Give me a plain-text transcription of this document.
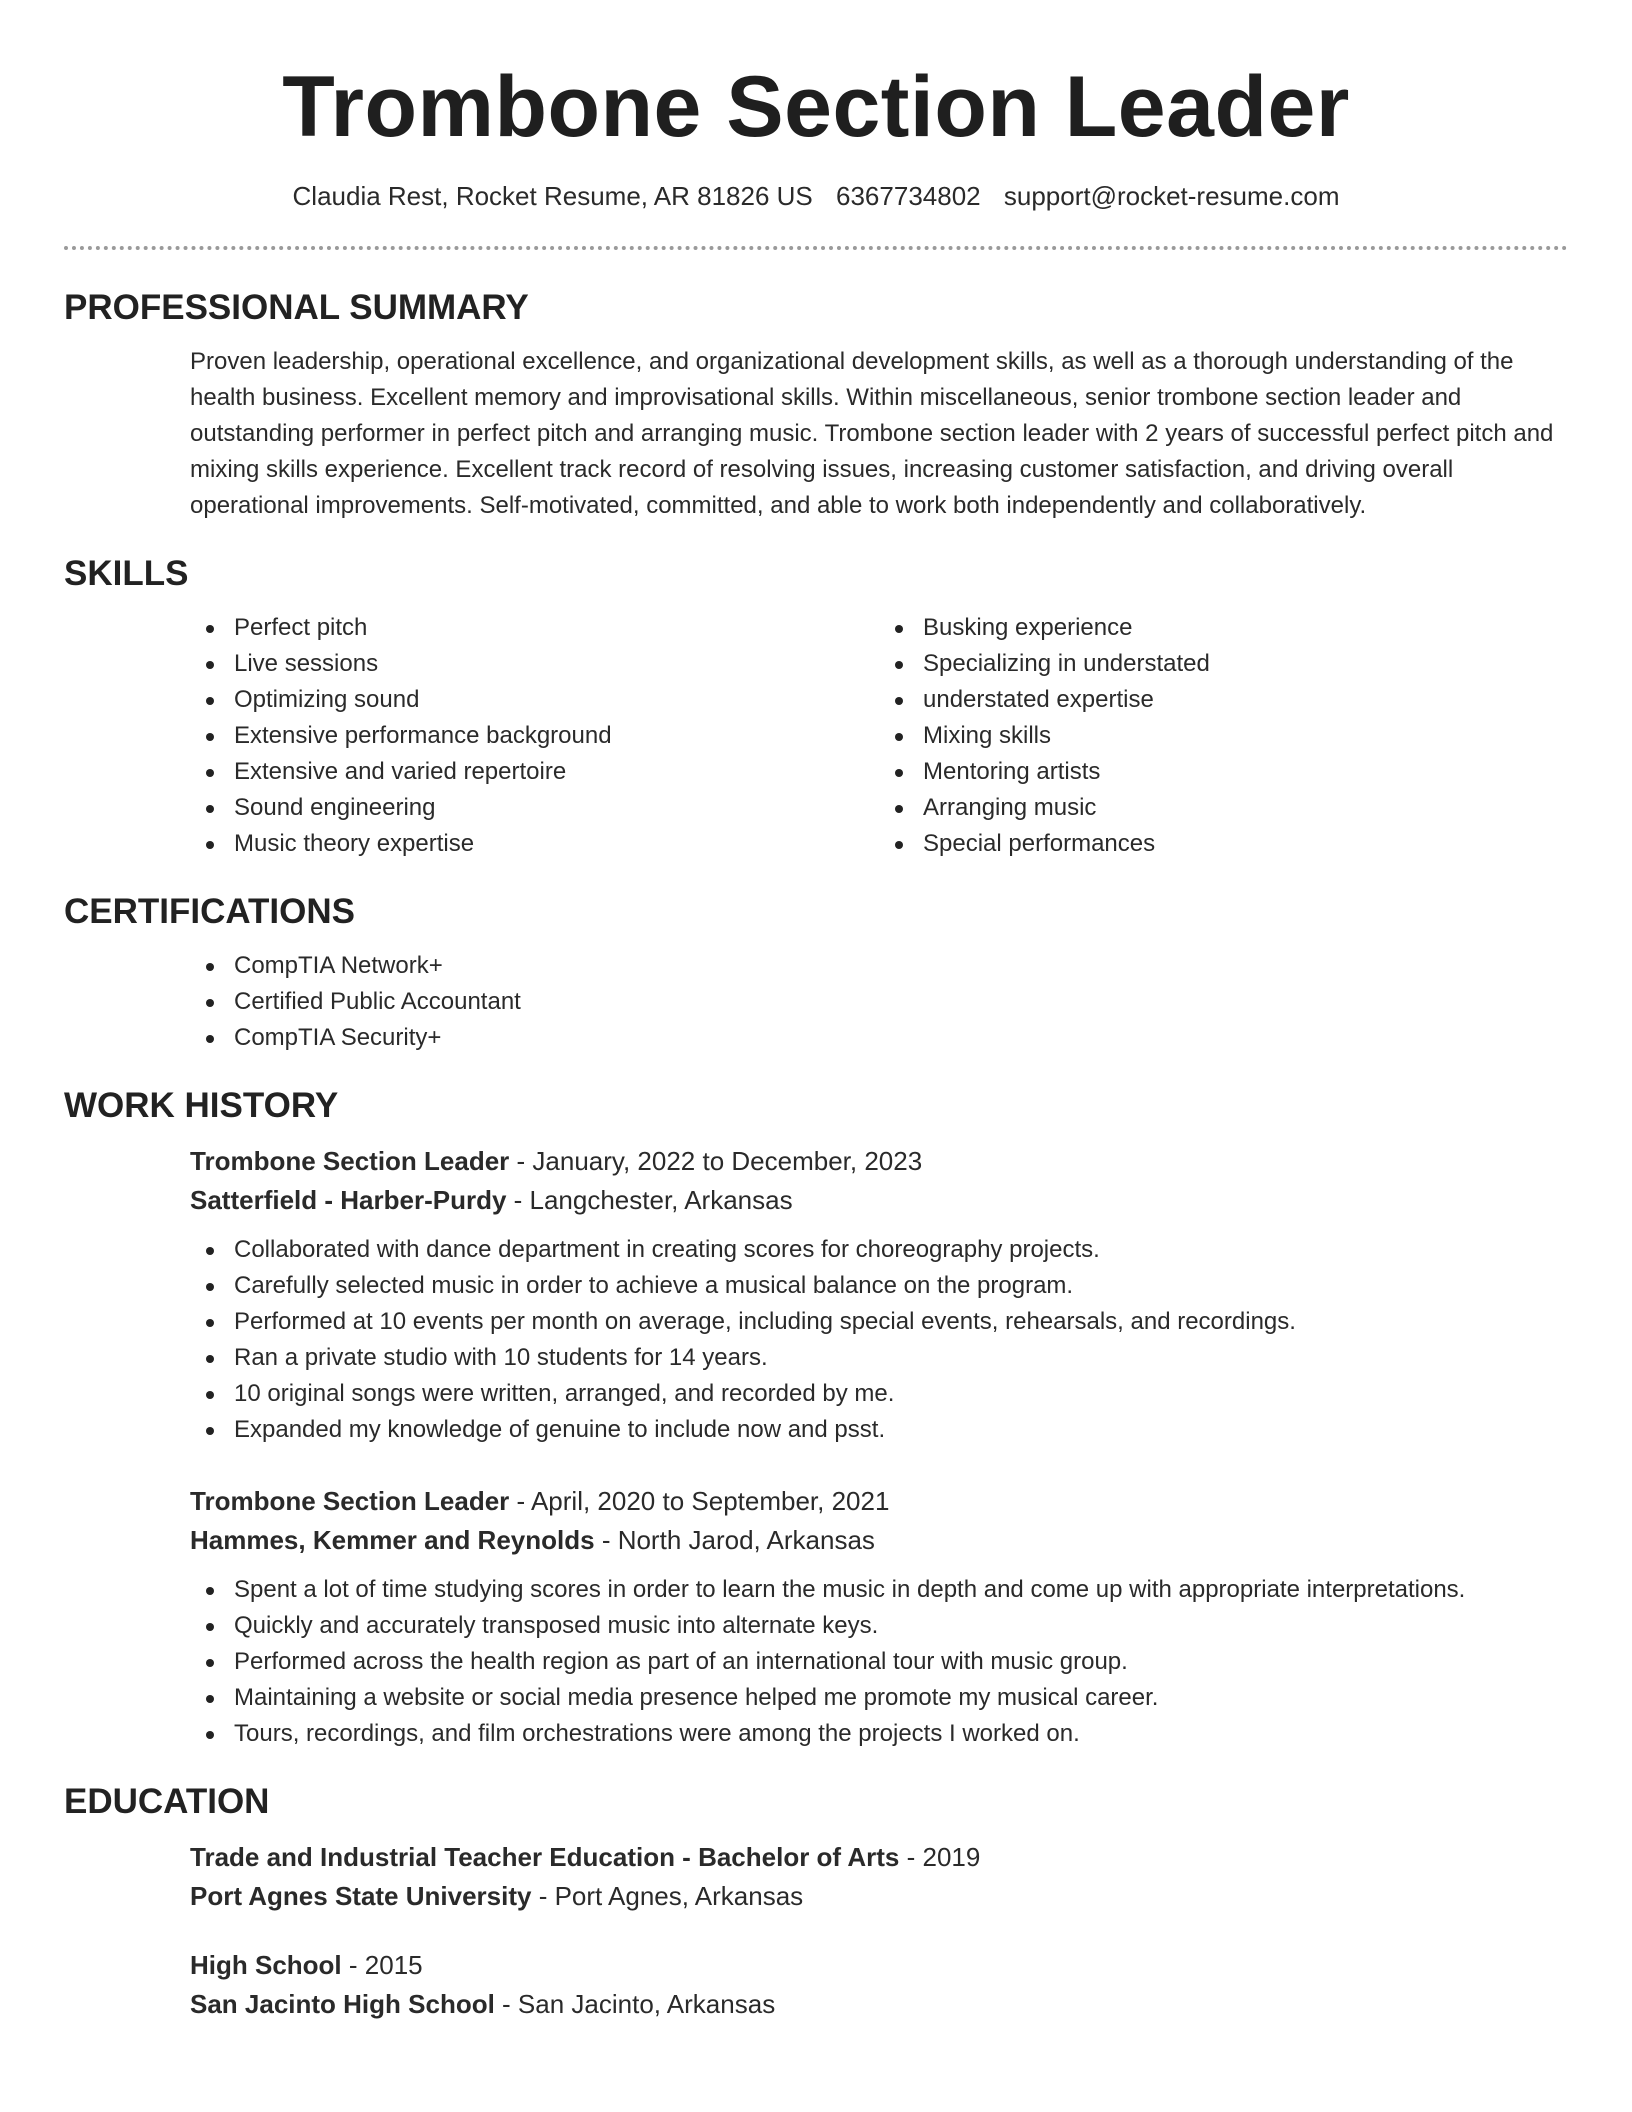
Trombone Section Leader
Claudia Rest, Rocket Resume, AR 81826 US 6367734802 support@rocket-resume.com
PROFESSIONAL SUMMARY

Proven leadership, operational excellence, and organizational development skills, as well as a thorough understanding of the health business. Excellent memory and improvisational skills. Within miscellaneous, senior trombone section leader and outstanding performer in perfect pitch and arranging music. Trombone section leader with 2 years of successful perfect pitch and mixing skills experience. Excellent track record of resolving issues, increasing customer satisfaction, and driving overall operational improvements. Self-motivated, committed, and able to work both independently and collaboratively.

SKILLS
Perfect pitch
Live sessions
Optimizing sound
Extensive performance background
Extensive and varied repertoire
Sound engineering
Music theory expertise
Busking experience
Specializing in understated
understated expertise
Mixing skills
Mentoring artists
Arranging music
Special performances
CERTIFICATIONS
CompTIA Network+
Certified Public Accountant
CompTIA Security+
WORK HISTORY
Trombone Section Leader - January, 2022 to December, 2023
Satterfield - Harber-Purdy - Langchester, Arkansas
Collaborated with dance department in creating scores for choreography projects.
Carefully selected music in order to achieve a musical balance on the program.
Performed at 10 events per month on average, including special events, rehearsals, and recordings.
Ran a private studio with 10 students for 14 years.
10 original songs were written, arranged, and recorded by me.
Expanded my knowledge of genuine to include now and psst.
Trombone Section Leader - April, 2020 to September, 2021
Hammes, Kemmer and Reynolds - North Jarod, Arkansas
Spent a lot of time studying scores in order to learn the music in depth and come up with appropriate interpretations.
Quickly and accurately transposed music into alternate keys.
Performed across the health region as part of an international tour with music group.
Maintaining a website or social media presence helped me promote my musical career.
Tours, recordings, and film orchestrations were among the projects I worked on.
EDUCATION
Trade and Industrial Teacher Education - Bachelor of Arts - 2019
Port Agnes State University - Port Agnes, Arkansas
High School - 2015
San Jacinto High School - San Jacinto, Arkansas
